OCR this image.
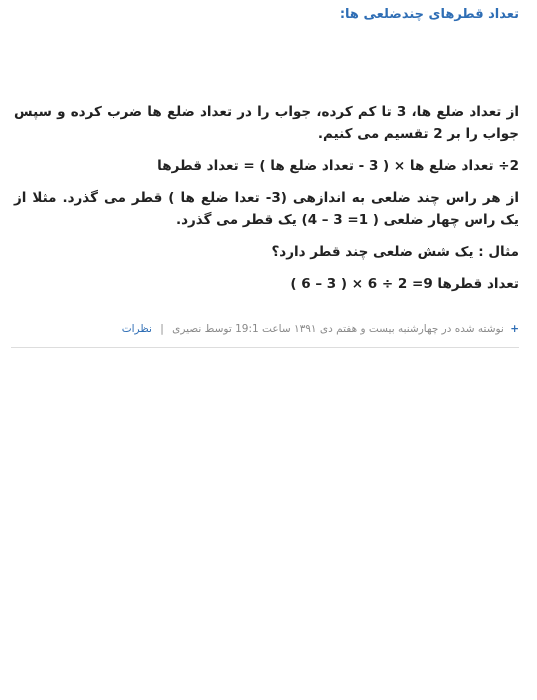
تعداد قطرهای چندضلعی ها:

از تعداد ضلع ها، 3 تا کم کرده، جواب را در تعداد ضلع ها ضرب کرده و سپس جواب را بر 2 تقسیم می کنیم.

2÷ تعداد ضلع ها × ( 3 - تعداد ضلع ها ) = تعداد قطرها

از هر راس چند ضلعی به اندازهی (3- تعدا ضلع ها ) قطر می گذرد. مثلا از یک راس چهار ضلعی ( 1= 3 – 4) یک قطر می گذرد.

مثال : یک شش ضلعی چند قطر دارد؟

تعداد قطرها 9= 2 ÷ 6 × ( 3 – 6 )

+ نوشته شده در چهارشنبه بیست و هفتم دی ۱۳۹۱ ساعت 19:1 توسط نصیری | نظرات
